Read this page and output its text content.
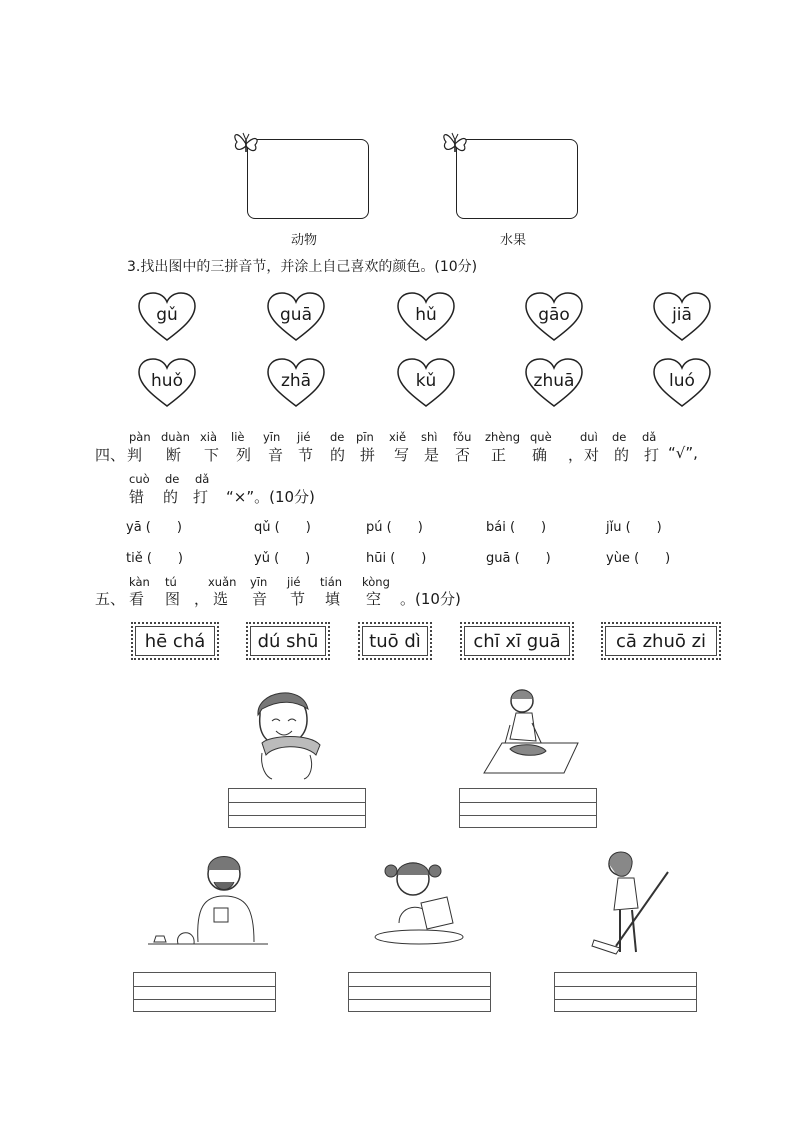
动物	水果
3.找出图中的三拼音节，并涂上自己喜欢的颜色。(10分)
gǔ	guā	hǔ	gāo	jiā
huǒ	zhā	kǔ	zhuā	luó
四、
pàn duàn xià liè yīn jié de pīn xiě shì fǒu zhèng què duì de dǎ
判 断 下 列 音 节 的 拼 写 是 否 正 确 ， 对 的 打 “√”,
cuò de dǎ
错 的 打 “×”。(10分)
yā (　　)	qǔ (　　)	pú (　　)	bái (　　)	jǐu (　　)
tiě (　　)	yǔ (　　)	hūi (　　)	guā (　　)	yùe (　　)
五、
kàn tú	xuǎn yīn jié tián kòng
看 图 ， 选 音 节 填 空 。(10分)
hē chá	dú shū	tuō dì	chī xī guā	cā zhuō zi
